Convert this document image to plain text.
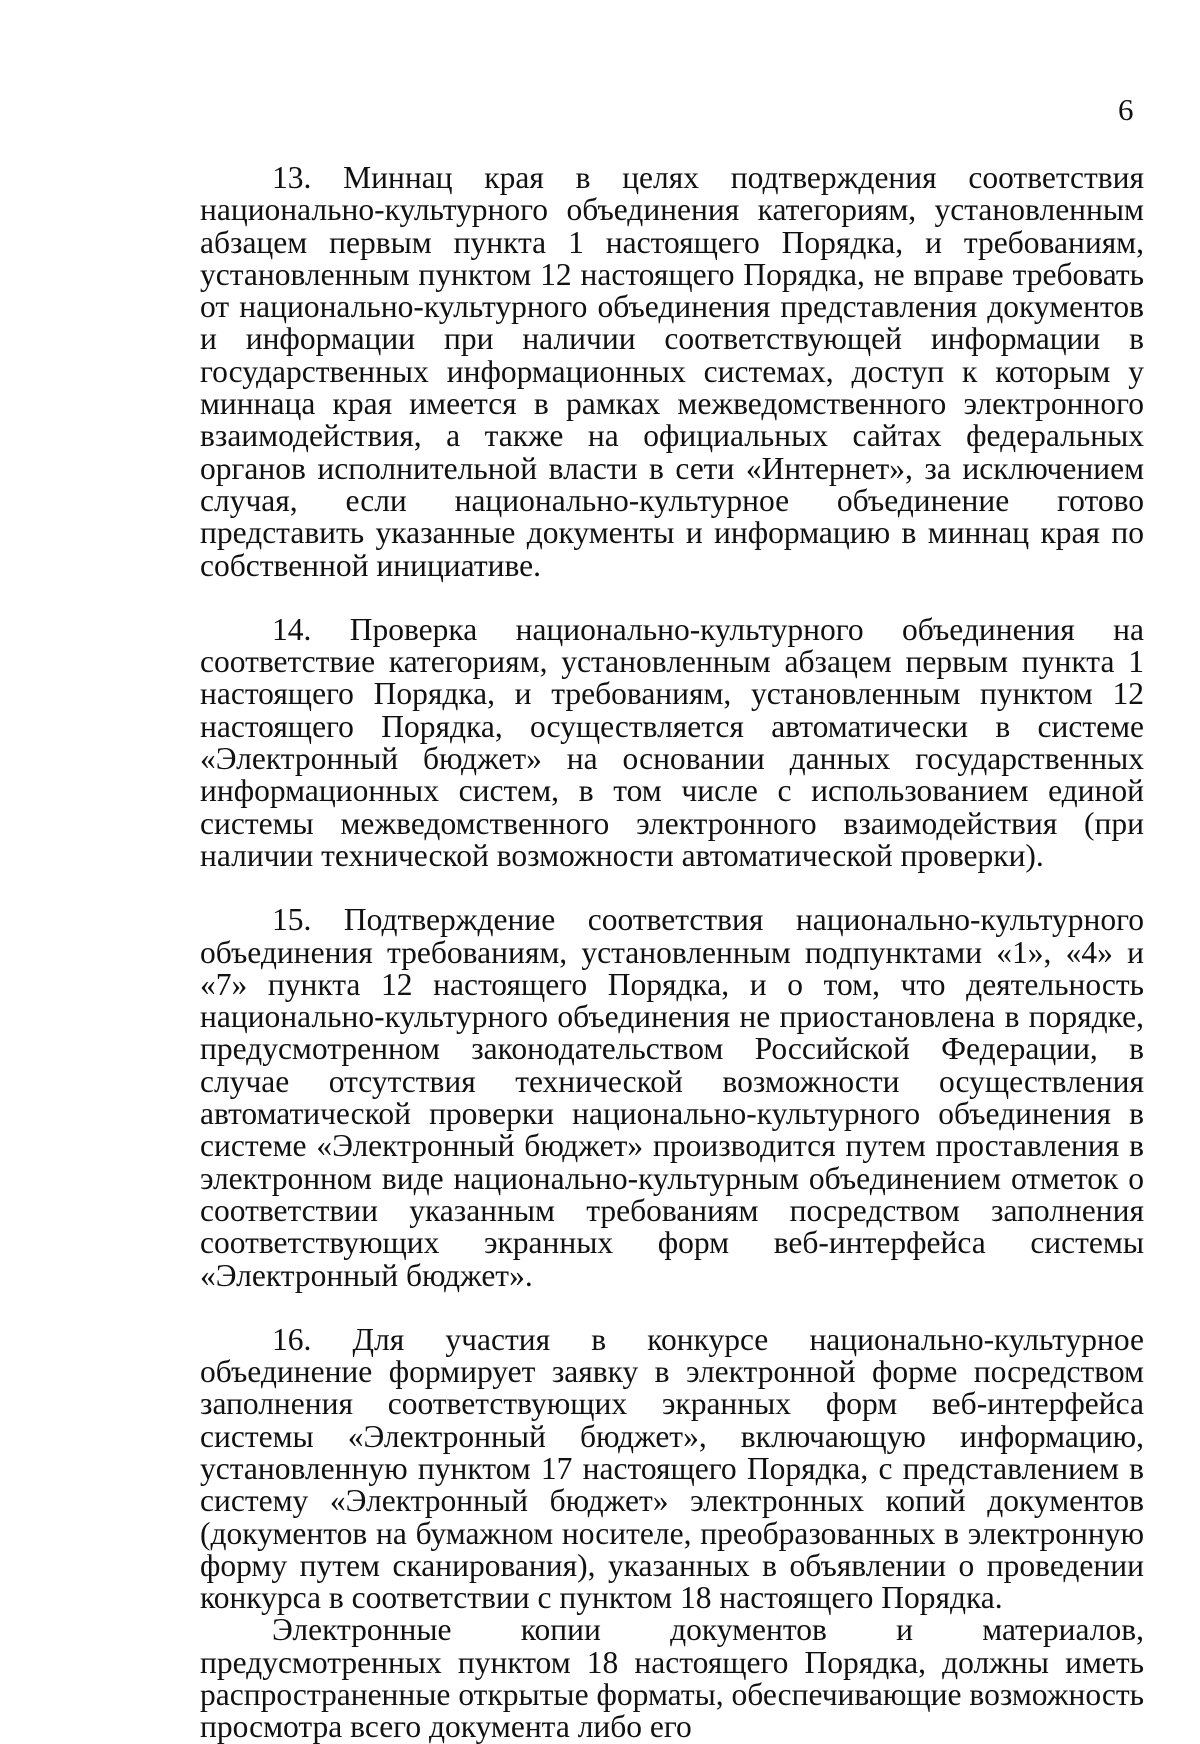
6

13. Миннац края в целях подтверждения соответствия национально-культурного объединения категориям, установленным абзацем первым пункта 1 настоящего Порядка, и требованиям, установленным пунктом 12 настоящего Порядка, не вправе требовать от национально-культурного объединения представления документов и информации при наличии соответствующей информации в государственных информационных системах, доступ к которым у миннаца края имеется в рамках межведомственного электронного взаимодействия, а также на официальных сайтах федеральных органов исполнительной власти в сети «Интернет», за исключением случая, если национально-культурное объединение готово представить указанные документы и информацию в миннац края по собственной инициативе.

14. Проверка национально-культурного объединения на соответствие категориям, установленным абзацем первым пункта 1 настоящего Порядка, и требованиям, установленным пунктом 12 настоящего Порядка, осуществляется автоматически в системе «Электронный бюджет» на основании данных государственных информационных систем, в том числе с использованием единой системы межведомственного электронного взаимодействия (при наличии технической возможности автоматической проверки).

15. Подтверждение соответствия национально-культурного объединения требованиям, установленным подпунктами «1», «4» и «7» пункта 12 настоящего Порядка, и о том, что деятельность национально-культурного объединения не приостановлена в порядке, предусмотренном законодательством Российской Федерации, в случае отсутствия технической возможности осуществления автоматической проверки национально-культурного объединения в системе «Электронный бюджет» производится путем проставления в электронном виде национально-культурным объединением отметок о соответствии указанным требованиям посредством заполнения соответствующих экранных форм веб-интерфейса системы «Электронный бюджет».

16. Для участия в конкурсе национально-культурное объединение формирует заявку в электронной форме посредством заполнения соответствующих экранных форм веб-интерфейса системы «Электронный бюджет», включающую информацию, установленную пунктом 17 настоящего Порядка, с представлением в систему «Электронный бюджет» электронных копий документов (документов на бумажном носителе, преобразованных в электронную форму путем сканирования), указанных в объявлении о проведении конкурса в соответствии с пунктом 18 настоящего Порядка.

Электронные копии документов и материалов, предусмотренных пунктом 18 настоящего Порядка, должны иметь распространенные открытые форматы, обеспечивающие возможность просмотра всего документа либо его
